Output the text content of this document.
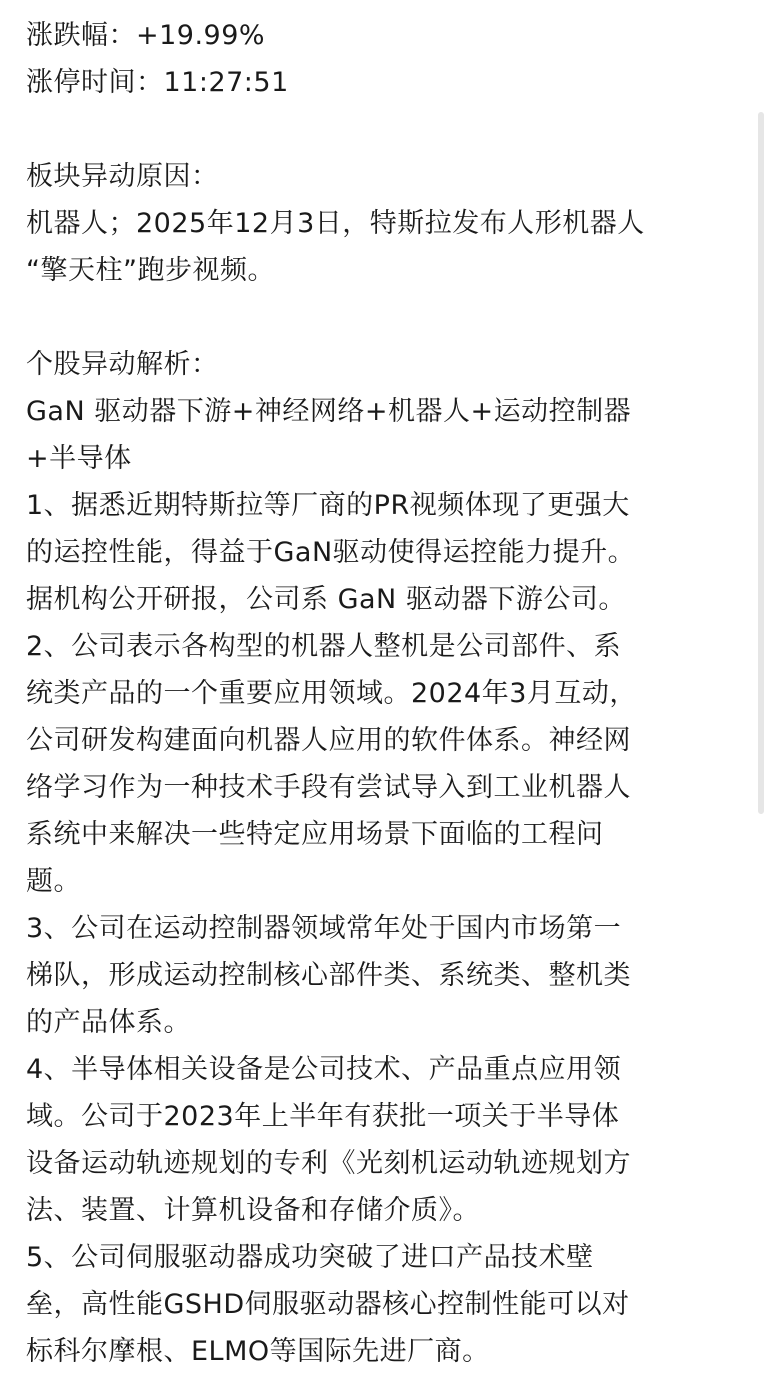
涨跌幅：+19.99%
涨停时间：11:27:51
板块异动原因：
机器人；2025年12月3日，特斯拉发布人形机器人
“擎天柱”跑步视频。
个股异动解析：
GaN 驱动器下游+神经网络+机器人+运动控制器
+半导体
1、据悉近期特斯拉等厂商的PR视频体现了更强大
的运控性能，得益于GaN驱动使得运控能力提升。
据机构公开研报，公司系 GaN 驱动器下游公司。
2、公司表示各构型的机器人整机是公司部件、系
统类产品的一个重要应用领域。2024年3月互动，
公司研发构建面向机器人应用的软件体系。神经网
络学习作为一种技术手段有尝试导入到工业机器人
系统中来解决一些特定应用场景下面临的工程问
题。
3、公司在运动控制器领域常年处于国内市场第一
梯队，形成运动控制核心部件类、系统类、整机类
的产品体系。
4、半导体相关设备是公司技术、产品重点应用领
域。公司于2023年上半年有获批一项关于半导体
设备运动轨迹规划的专利《光刻机运动轨迹规划方
法、装置、计算机设备和存储介质》。
5、公司伺服驱动器成功突破了进口产品技术壁
垒，高性能GSHD伺服驱动器核心控制性能可以对
标科尔摩根、ELMO等国际先进厂商。
